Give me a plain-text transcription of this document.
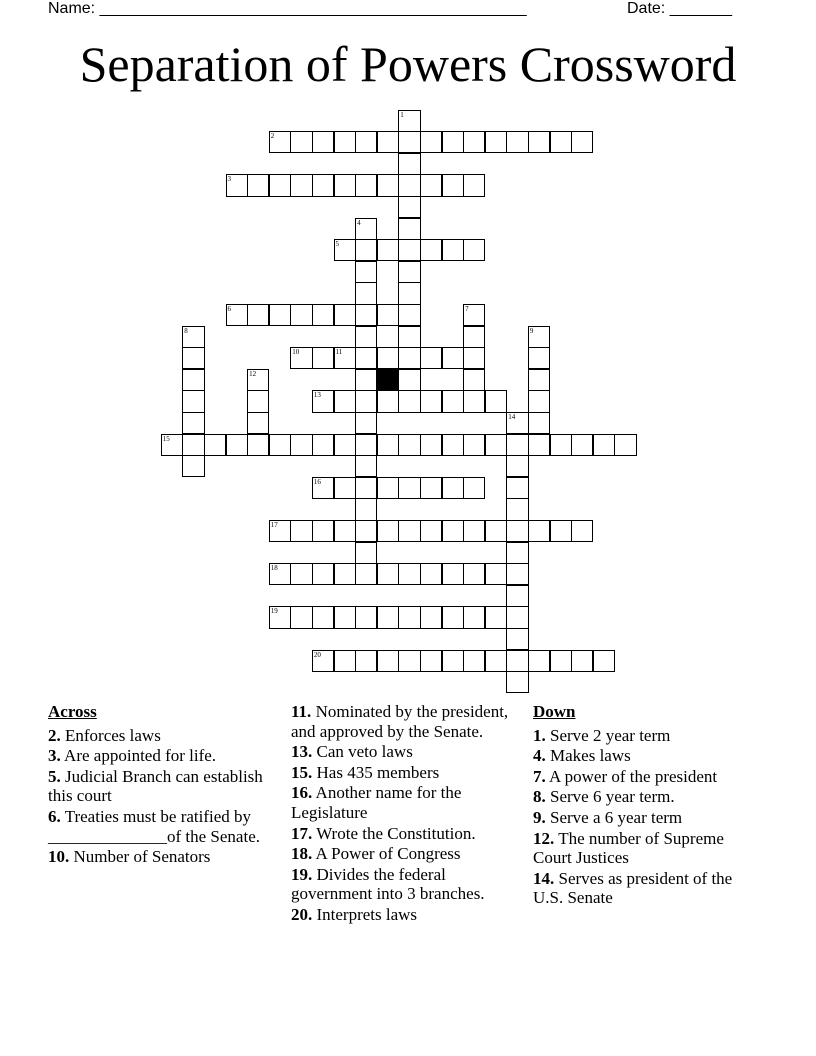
Name: ________________________________________________	Date: _______
Separation of Powers Crossword
1
2
3
4
5
6	7
8	9
10	11
12
13
14
15
16
17
18
19
20
Across
2. Enforces laws
3. Are appointed for life.
5. Judicial Branch can establish this court
6. Treaties must be ratified by ______________of the Senate.
10. Number of Senators
11. Nominated by the president, and approved by the Senate.
13. Can veto laws
15. Has 435 members
16. Another name for the Legislature
17. Wrote the Constitution.
18. A Power of Congress
19. Divides the federal government into 3 branches.
20. Interprets laws
Down
1. Serve 2 year term
4. Makes laws
7. A power of the president
8. Serve 6 year term.
9. Serve a 6 year term
12. The number of Supreme Court Justices
14. Serves as president of the U.S. Senate
